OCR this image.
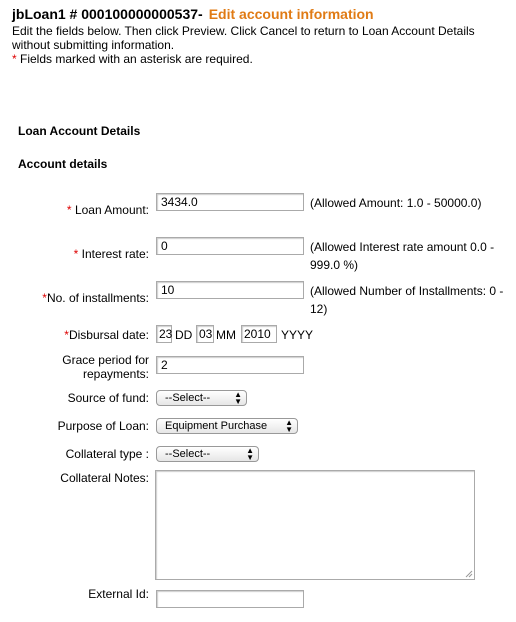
jbLoan1 # 000100000000537- Edit account information
Edit the fields below. Then click Preview. Click Cancel to return to Loan Account Details without submitting information.
* Fields marked with an asterisk are required.
Loan Account Details
Account details
* Loan Amount:
3434.0	(Allowed Amount: 1.0 - 50000.0)
* Interest rate:
0	(Allowed Interest rate amount 0.0 - 999.0 %)
*No. of installments:
10	(Allowed Number of Installments: 0 - 12)
*Disbursal date: 23 DD 03 MM 2010 YYYY
Grace period for repayments:
2
Source of fund:	--Select--	▲
▼
Purpose of Loan:	Equipment Purchase ▲
▼
Collateral type :	--Select--	▲
▼
Collateral Notes:
External Id:
